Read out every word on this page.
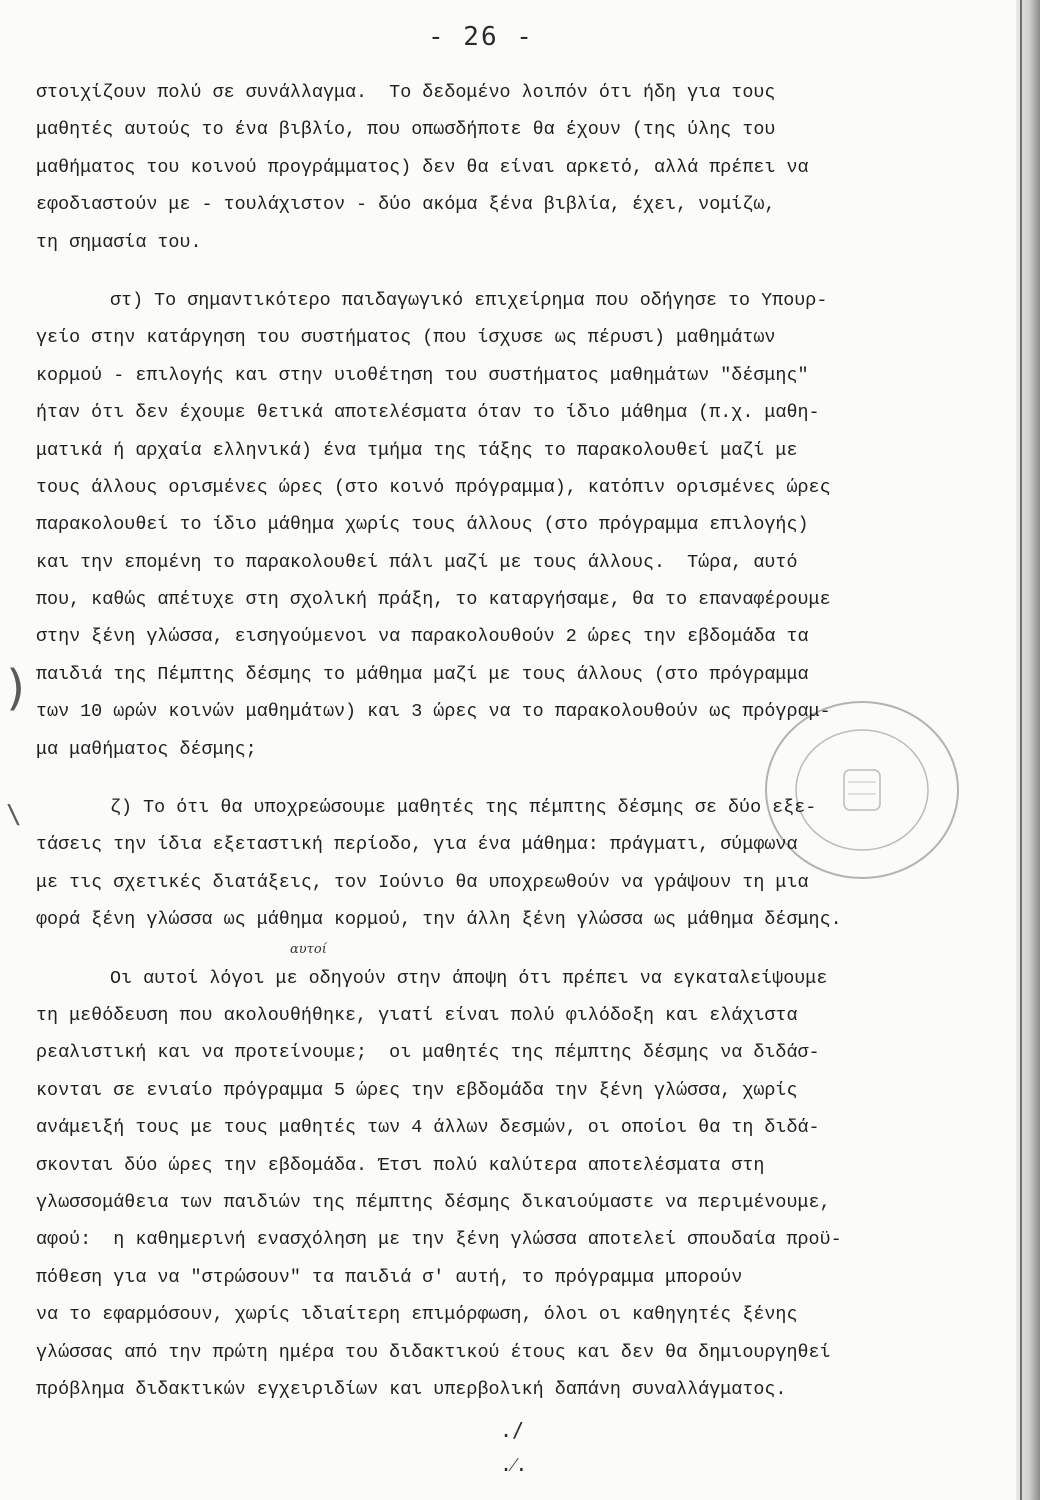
- 26 -
στοιχίζουν πολύ σε συνάλλαγμα.  Το δεδομένο λοιπόν ότι ήδη για τους
μαθητές αυτούς το ένα βιβλίο, που οπωσδήποτε θα έχουν (της ύλης του
μαθήματος του κοινού προγράμματος) δεν θα είναι αρκετό, αλλά πρέπει να
εφοδιαστούν με - τουλάχιστον - δύο ακόμα ξένα βιβλία, έχει, νομίζω,
τη σημασία του.
στ) Το σημαντικότερο παιδαγωγικό επιχείρημα που οδήγησε το Υπουρ-
γείο στην κατάργηση του συστήματος (που ίσχυσε ως πέρυσι) μαθημάτων
κορμού - επιλογής και στην υιοθέτηση του συστήματος μαθημάτων "δέσμης"
ήταν ότι δεν έχουμε θετικά αποτελέσματα όταν το ίδιο μάθημα (π.χ. μαθη-
ματικά ή αρχαία ελληνικά) ένα τμήμα της τάξης το παρακολουθεί μαζί με
τους άλλους ορισμένες ώρες (στο κοινό πρόγραμμα), κατόπιν ορισμένες ώρες
παρακολουθεί το ίδιο μάθημα χωρίς τους άλλους (στο πρόγραμμα επιλογής)
και την επομένη το παρακολουθεί πάλι μαζί με τους άλλους.  Τώρα, αυτό
που, καθώς απέτυχε στη σχολική πράξη, το καταργήσαμε, θα το επαναφέρουμε
στην ξένη γλώσσα, εισηγούμενοι να παρακολουθούν 2 ώρες την εβδομάδα τα
παιδιά της Πέμπτης δέσμης το μάθημα μαζί με τους άλλους (στο πρόγραμμα
των 10 ωρών κοινών μαθημάτων) και 3 ώρες να το παρακολουθούν ως πρόγραμ-
μα μαθήματος δέσμης;
ζ) Το ότι θα υποχρεώσουμε μαθητές της πέμπτης δέσμης σε δύο εξε-
τάσεις την ίδια εξεταστική περίοδο, για ένα μάθημα: πράγματι, σύμφωνα
με τις σχετικές διατάξεις, τον Ιούνιο θα υποχρεωθούν να γράψουν τη μια
φορά ξένη γλώσσα ως μάθημα κορμού, την άλλη ξένη γλώσσα ως μάθημα δέσμης.
Οι αυτοί λόγοι με οδηγούν στην άποψη ότι πρέπει να εγκαταλείψουμε
τη μεθόδευση που ακολουθήθηκε, γιατί είναι πολύ φιλόδοξη και ελάχιστα
ρεαλιστική και να προτείνουμε;  οι μαθητές της πέμπτης δέσμης να διδάσ-
κονται σε ενιαίο πρόγραμμα 5 ώρες την εβδομάδα την ξένη γλώσσα, χωρίς
ανάμειξή τους με τους μαθητές των 4 άλλων δεσμών, οι οποίοι θα τη διδά-
σκονται δύο ώρες την εβδομάδα. Έτσι πολύ καλύτερα αποτελέσματα στη
γλωσσομάθεια των παιδιών της πέμπτης δέσμης δικαιούμαστε να περιμένουμε,
αφού:  η καθημερινή ενασχόληση με την ξένη γλώσσα αποτελεί σπουδαία προϋ-
πόθεση για να "στρώσουν" τα παιδιά σ' αυτή, το πρόγραμμα μπορούν
να το εφαρμόσουν, χωρίς ιδιαίτερη επιμόρφωση, όλοι οι καθηγητές ξένης
γλώσσας από την πρώτη ημέρα του διδακτικού έτους και δεν θα δημιουργηθεί
πρόβλημα διδακτικών εγχειριδίων και υπερβολική δαπάνη συναλλάγματος.
αυτοί
)
\
./
.⁄.
